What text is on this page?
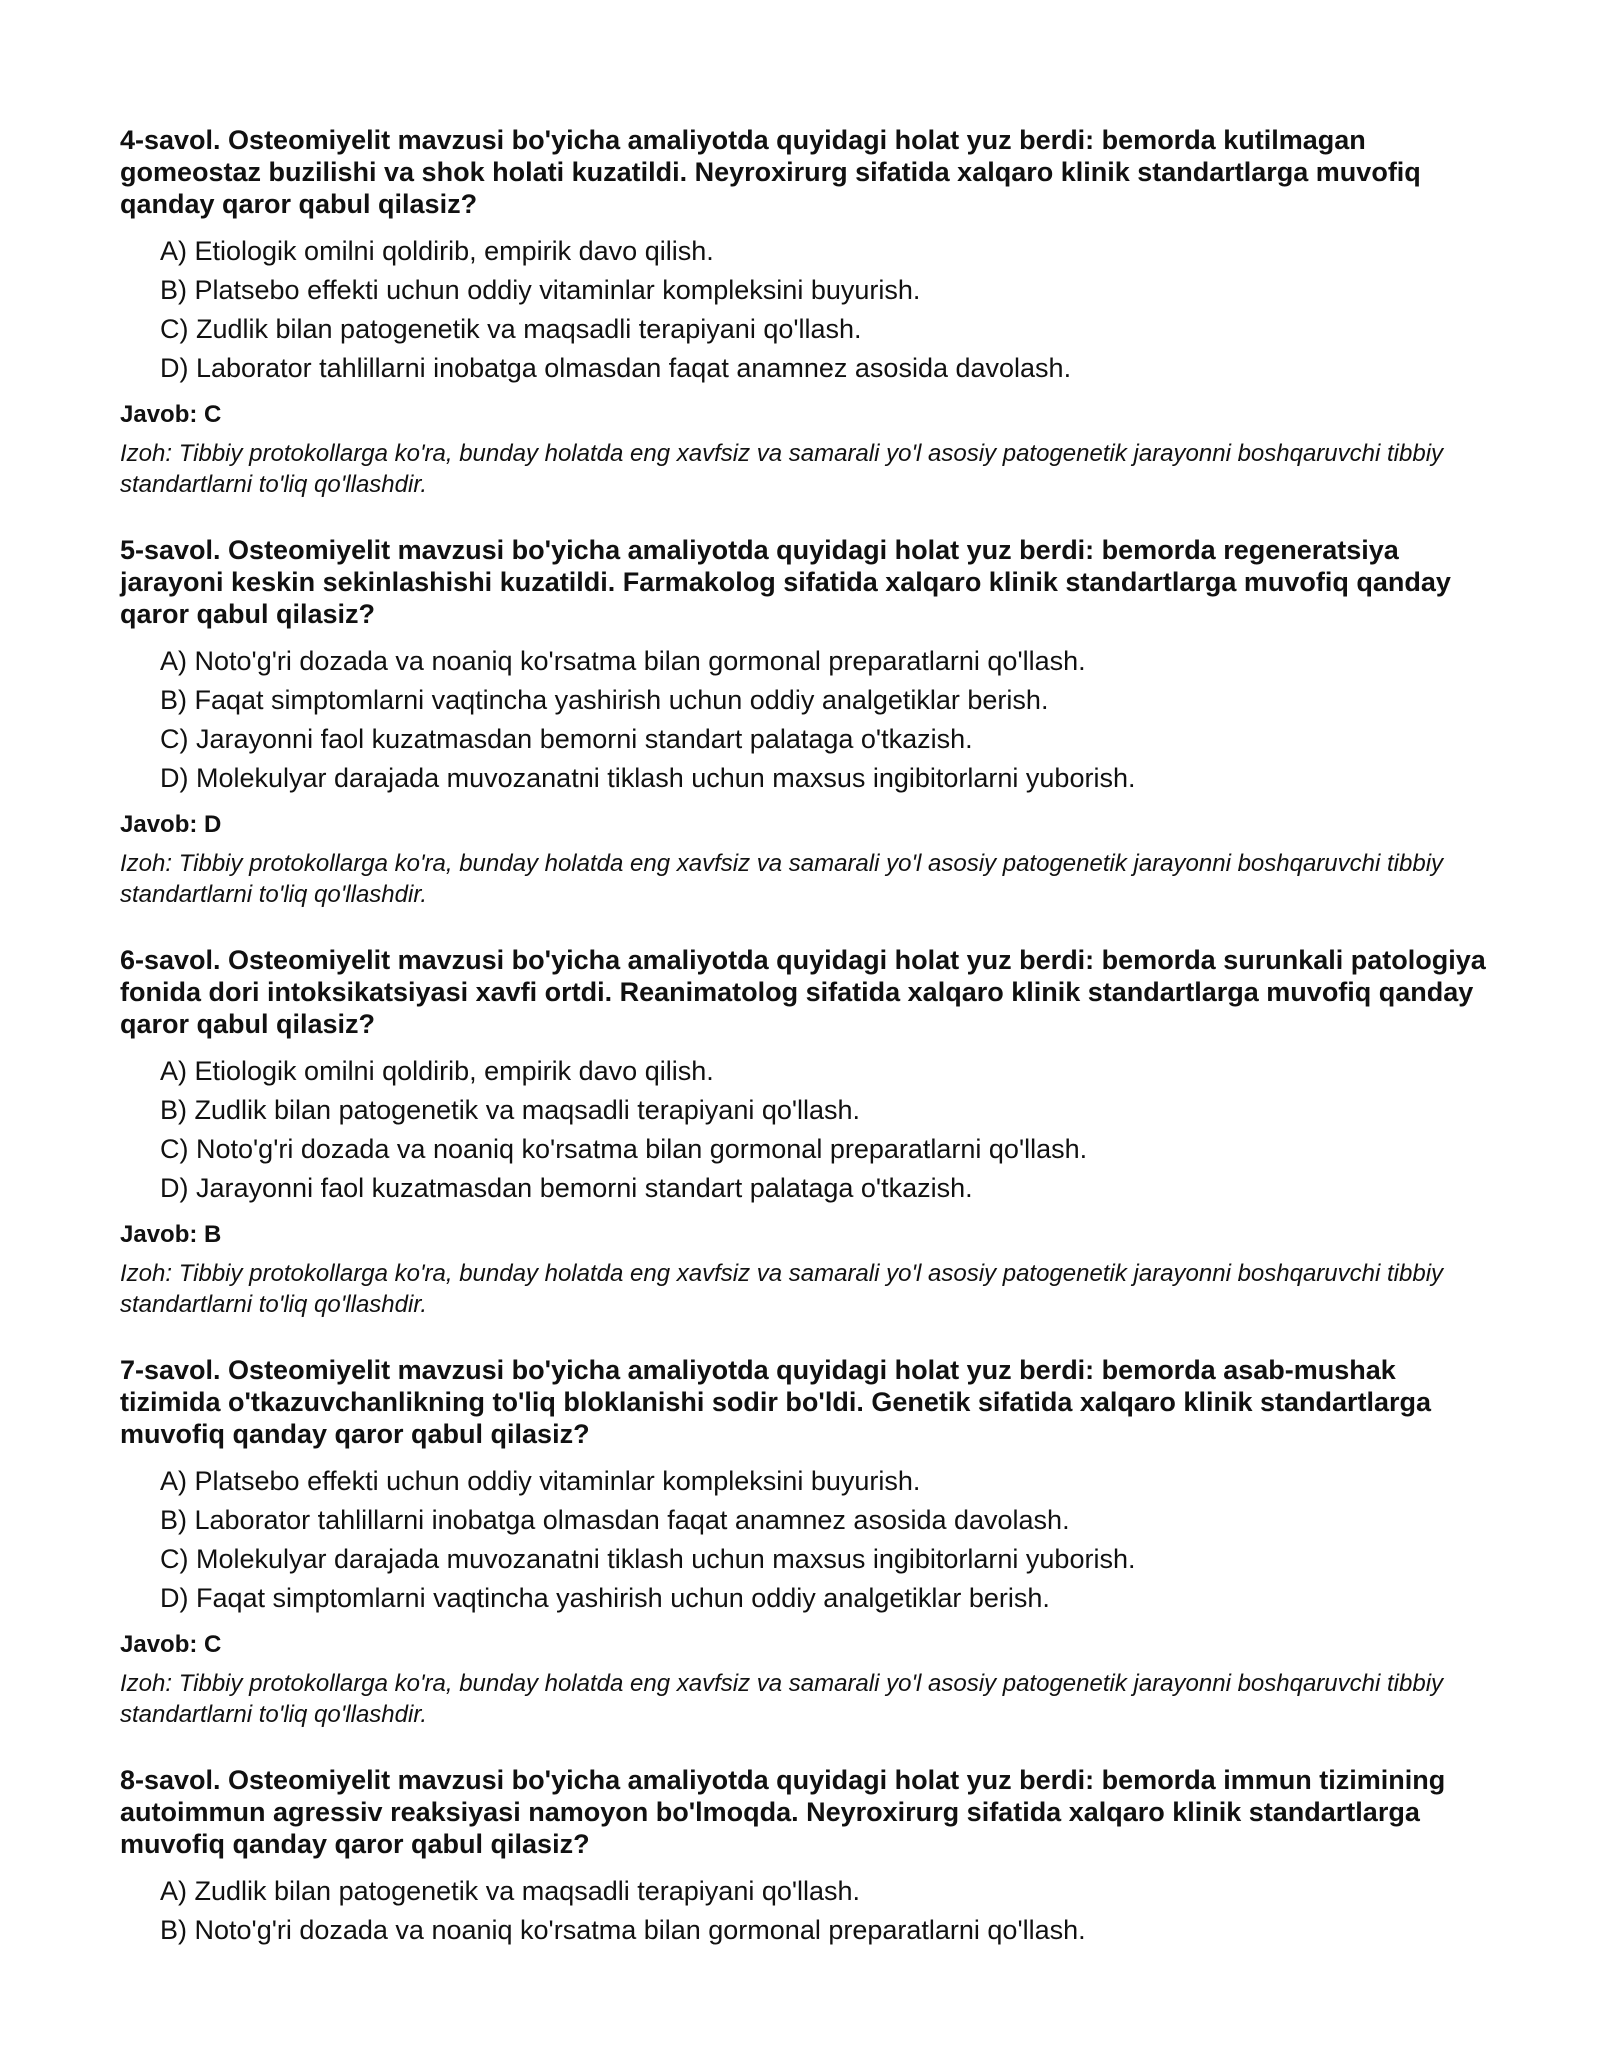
4-savol. Osteomiyelit mavzusi bo'yicha amaliyotda quyidagi holat yuz berdi: bemorda kutilmagan gomeostaz buzilishi va shok holati kuzatildi. Neyroxirurg sifatida xalqaro klinik standartlarga muvofiq qanday qaror qabul qilasiz?
A) Etiologik omilni qoldirib, empirik davo qilish.
B) Platsebo effekti uchun oddiy vitaminlar kompleksini buyurish.
C) Zudlik bilan patogenetik va maqsadli terapiyani qo'llash.
D) Laborator tahlillarni inobatga olmasdan faqat anamnez asosida davolash.
Javob: C
Izoh: Tibbiy protokollarga ko'ra, bunday holatda eng xavfsiz va samarali yo'l asosiy patogenetik jarayonni boshqaruvchi tibbiy standartlarni to'liq qo'llashdir.
5-savol. Osteomiyelit mavzusi bo'yicha amaliyotda quyidagi holat yuz berdi: bemorda regeneratsiya jarayoni keskin sekinlashishi kuzatildi. Farmakolog sifatida xalqaro klinik standartlarga muvofiq qanday qaror qabul qilasiz?
A) Noto'g'ri dozada va noaniq ko'rsatma bilan gormonal preparatlarni qo'llash.
B) Faqat simptomlarni vaqtincha yashirish uchun oddiy analgetiklar berish.
C) Jarayonni faol kuzatmasdan bemorni standart palataga o'tkazish.
D) Molekulyar darajada muvozanatni tiklash uchun maxsus ingibitorlarni yuborish.
Javob: D
Izoh: Tibbiy protokollarga ko'ra, bunday holatda eng xavfsiz va samarali yo'l asosiy patogenetik jarayonni boshqaruvchi tibbiy standartlarni to'liq qo'llashdir.
6-savol. Osteomiyelit mavzusi bo'yicha amaliyotda quyidagi holat yuz berdi: bemorda surunkali patologiya fonida dori intoksikatsiyasi xavfi ortdi. Reanimatolog sifatida xalqaro klinik standartlarga muvofiq qanday qaror qabul qilasiz?
A) Etiologik omilni qoldirib, empirik davo qilish.
B) Zudlik bilan patogenetik va maqsadli terapiyani qo'llash.
C) Noto'g'ri dozada va noaniq ko'rsatma bilan gormonal preparatlarni qo'llash.
D) Jarayonni faol kuzatmasdan bemorni standart palataga o'tkazish.
Javob: B
Izoh: Tibbiy protokollarga ko'ra, bunday holatda eng xavfsiz va samarali yo'l asosiy patogenetik jarayonni boshqaruvchi tibbiy standartlarni to'liq qo'llashdir.
7-savol. Osteomiyelit mavzusi bo'yicha amaliyotda quyidagi holat yuz berdi: bemorda asab-mushak tizimida o'tkazuvchanlikning to'liq bloklanishi sodir bo'ldi. Genetik sifatida xalqaro klinik standartlarga muvofiq qanday qaror qabul qilasiz?
A) Platsebo effekti uchun oddiy vitaminlar kompleksini buyurish.
B) Laborator tahlillarni inobatga olmasdan faqat anamnez asosida davolash.
C) Molekulyar darajada muvozanatni tiklash uchun maxsus ingibitorlarni yuborish.
D) Faqat simptomlarni vaqtincha yashirish uchun oddiy analgetiklar berish.
Javob: C
Izoh: Tibbiy protokollarga ko'ra, bunday holatda eng xavfsiz va samarali yo'l asosiy patogenetik jarayonni boshqaruvchi tibbiy standartlarni to'liq qo'llashdir.
8-savol. Osteomiyelit mavzusi bo'yicha amaliyotda quyidagi holat yuz berdi: bemorda immun tizimining autoimmun agressiv reaksiyasi namoyon bo'lmoqda. Neyroxirurg sifatida xalqaro klinik standartlarga muvofiq qanday qaror qabul qilasiz?
A) Zudlik bilan patogenetik va maqsadli terapiyani qo'llash.
B) Noto'g'ri dozada va noaniq ko'rsatma bilan gormonal preparatlarni qo'llash.
